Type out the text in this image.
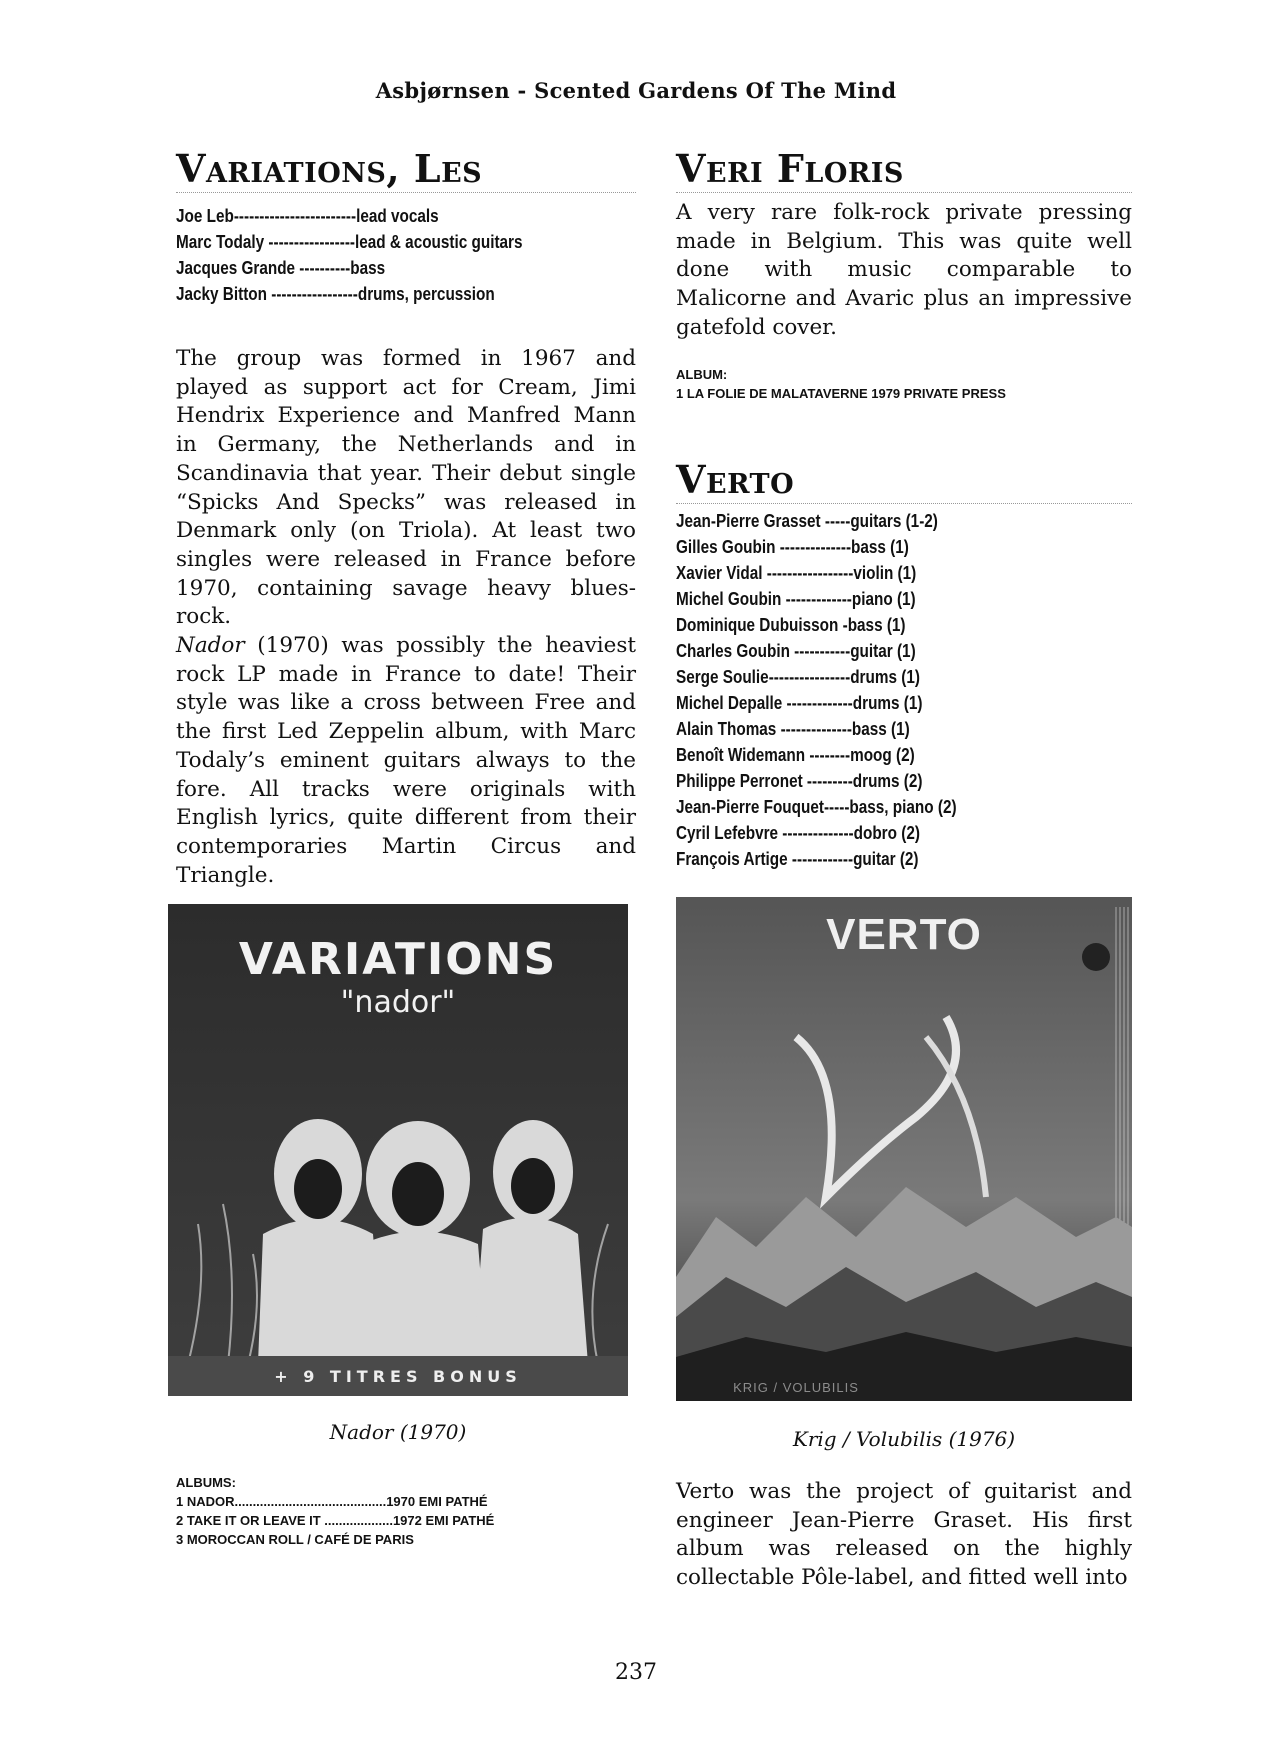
Asbjørnsen - Scented Gardens Of The Mind
Variations, Les
Joe Leb------------------------lead vocals
Marc Todaly -----------------lead & acoustic guitars
Jacques Grande ----------bass
Jacky Bitton -----------------drums, percussion

The group was formed in 1967 and played as support act for Cream, Jimi Hendrix Experience and Manfred Mann in Germany, the Netherlands and in Scandinavia that year. Their debut single “Spicks And Specks” was released in Denmark only (on Triola). At least two singles were released in France before 1970, containing savage heavy blues-rock.
Nador (1970) was possibly the heaviest rock LP made in France to date! Their style was like a cross between Free and the first Led Zeppelin album, with Marc Todaly’s eminent guitars always to the fore. All tracks were originals with English lyrics, quite different from their contemporaries Martin Circus and Triangle.

VARIATIONS
"nador"
+ 9 TITRES BONUS
Nador (1970)
ALBUMS:
1 NADOR..........................................1970 EMI PATHÉ
2 TAKE IT OR LEAVE IT ...................1972 EMI PATHÉ
3 MOROCCAN ROLL / CAFÉ DE PARIS
Veri Floris

A very rare folk-rock private pressing made in Belgium. This was quite well done with music comparable to Malicorne and Avaric plus an impressive gatefold cover.

ALBUM:
1 LA FOLIE DE MALATAVERNE 1979 PRIVATE PRESS
Verto
Jean-Pierre Grasset -----guitars (1-2)
Gilles Goubin --------------bass (1)
Xavier Vidal -----------------violin (1)
Michel Goubin -------------piano (1)
Dominique Dubuisson -bass (1)
Charles Goubin -----------guitar (1)
Serge Soulie----------------drums (1)
Michel Depalle -------------drums (1)
Alain Thomas --------------bass (1)
Benoît Widemann --------moog (2)
Philippe Perronet ---------drums (2)
Jean-Pierre Fouquet-----bass, piano (2)
Cyril Lefebvre --------------dobro (2)
François Artige ------------guitar (2)
VERTO
KRIG / VOLUBILIS
Krig / Volubilis (1976)

Verto was the project of guitarist and engineer Jean-Pierre Graset. His first album was released on the highly collectable Pôle-label, and fitted well into

237
